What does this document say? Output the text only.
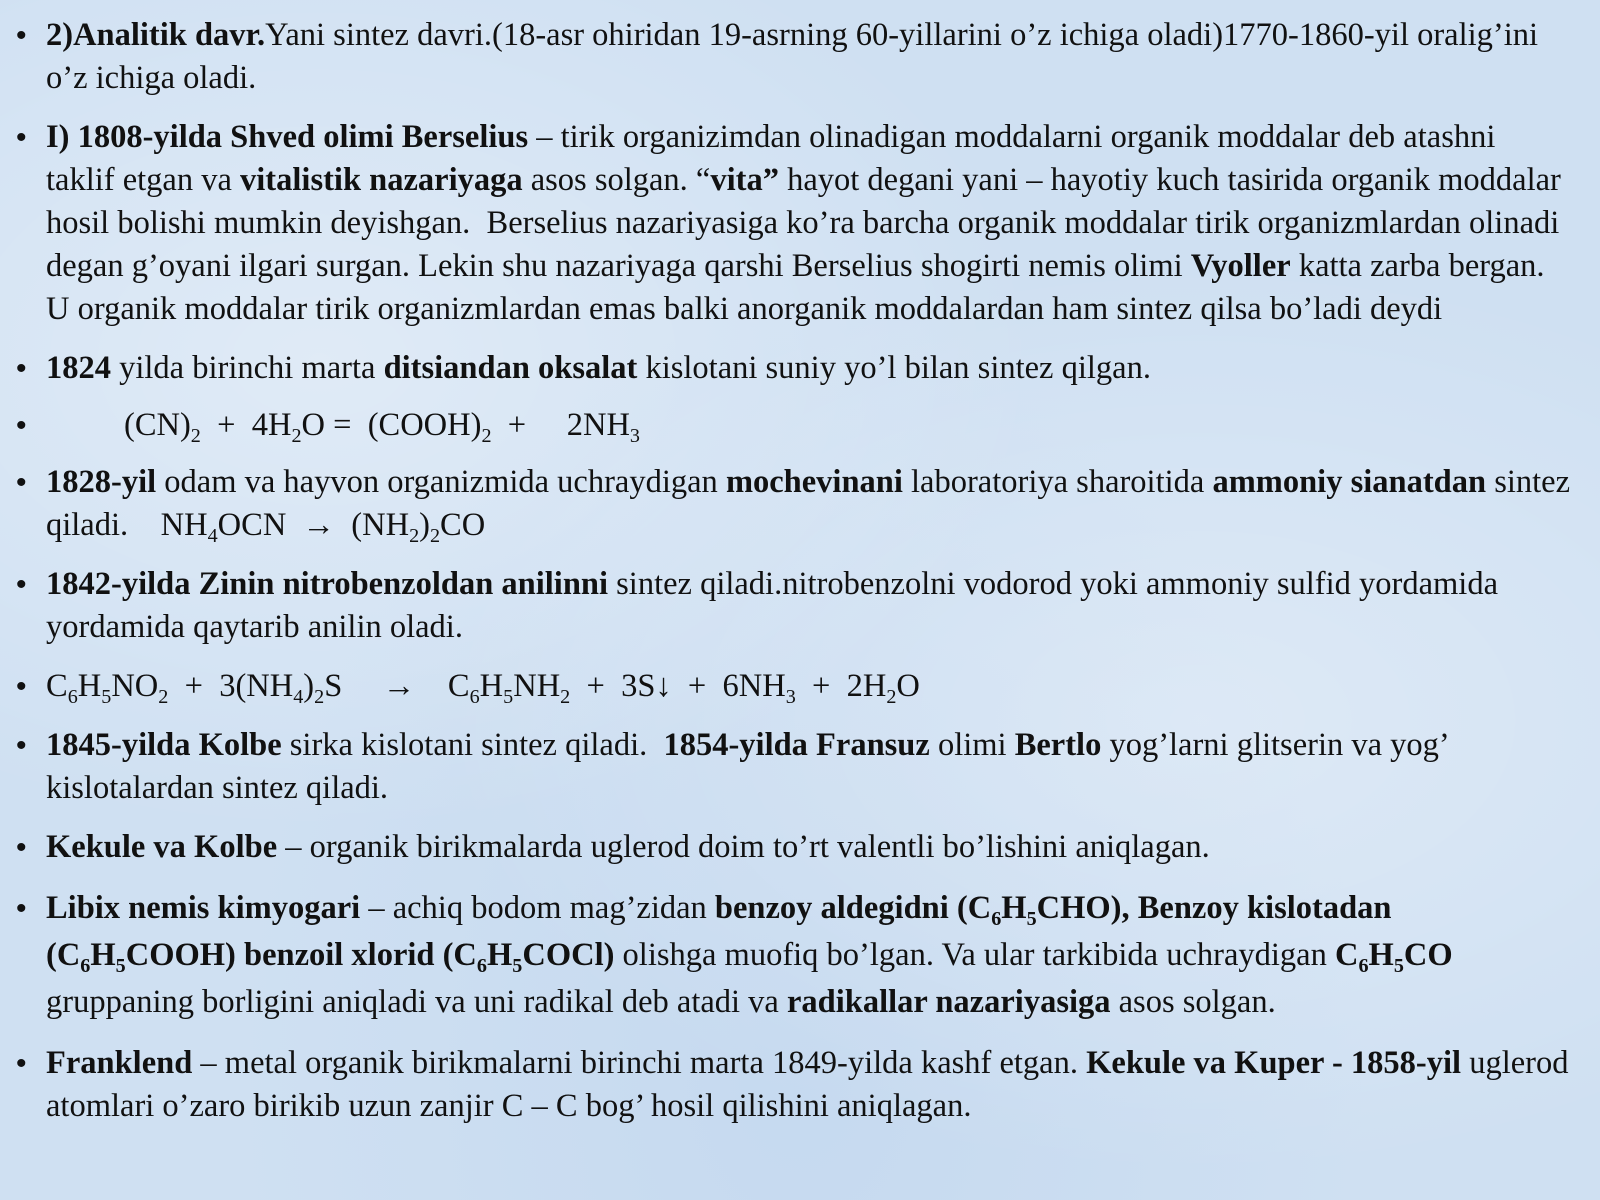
• 2)Analitik davr.Yani sintez davri.(18-asr ohiridan 19-asrning 60-yillarini o’z ichiga oladi)1770-1860-yil oralig’ini o’z ichiga oladi.
• I) 1808-yilda Shved olimi Berselius – tirik organizimdan olinadigan moddalarni organik moddalar deb atashni taklif etgan va vitalistik nazariyaga asos solgan. “vita” hayot degani yani – hayotiy kuch tasirida organik moddalar hosil bolishi mumkin deyishgan.  Berselius nazariyasiga ko’ra barcha organik moddalar tirik organizmlardan olinadi degan g’oyani ilgari surgan. Lekin shu nazariyaga qarshi Berselius shogirti nemis olimi Vyoller katta zarba bergan. U organik moddalar tirik organizmlardan emas balki anorganik moddalardan ham sintez qilsa bo’ladi deydi
• 1824 yilda birinchi marta ditsiandan oksalat kislotani suniy yo’l bilan sintez qilgan.
• $(CN)_2 + 4H_2O$ =  $(COOH)_2$  +     $2NH_3$
• 1828-yil odam va hayvon organizmida uchraydigan mochevinani laboratoriya sharoitida ammoniy sianatdan sintez qiladi.    $NH_4OCN \to (NH_2)_2CO$
• 1842-yilda Zinin nitrobenzoldan anilinni sintez qiladi.nitrobenzolni vodorod yoki ammoniy sulfid yordamida yordamida qaytarib anilin oladi.
• $C_6H_5NO_2 + 3(NH_4)_2S$     →    $C_6H_5NH_2$  +  3S↓  +  $6NH_3 + 2H_2O$
• 1845-yilda Kolbe sirka kislotani sintez qiladi.  1854-yilda Fransuz olimi Bertlo yog’larni glitserin va yog’ kislotalardan sintez qiladi.
• Kekule va Kolbe – organik birikmalarda uglerod doim to’rt valentli bo’lishini aniqlagan.
• Libix nemis kimyogari – achiq bodom mag’zidan benzoy aldegidni $(C_6H_5CHO)$, Benzoy kislotadan $(C_6H_5COOH)$ benzoil xlorid $(C_6H_5COCl)$ olishga muofiq bo’lgan. Va ular tarkibida uchraydigan $C_6H_5CO$ gruppaning borligini aniqladi va uni radikal deb atadi va radikallar nazariyasiga asos solgan.
• Franklend – metal organik birikmalarni birinchi marta 1849-yilda kashf etgan. Kekule va Kuper - 1858-yil uglerod atomlari o’zaro birikib uzun zanjir C – C bog’ hosil qilishini aniqlagan.
